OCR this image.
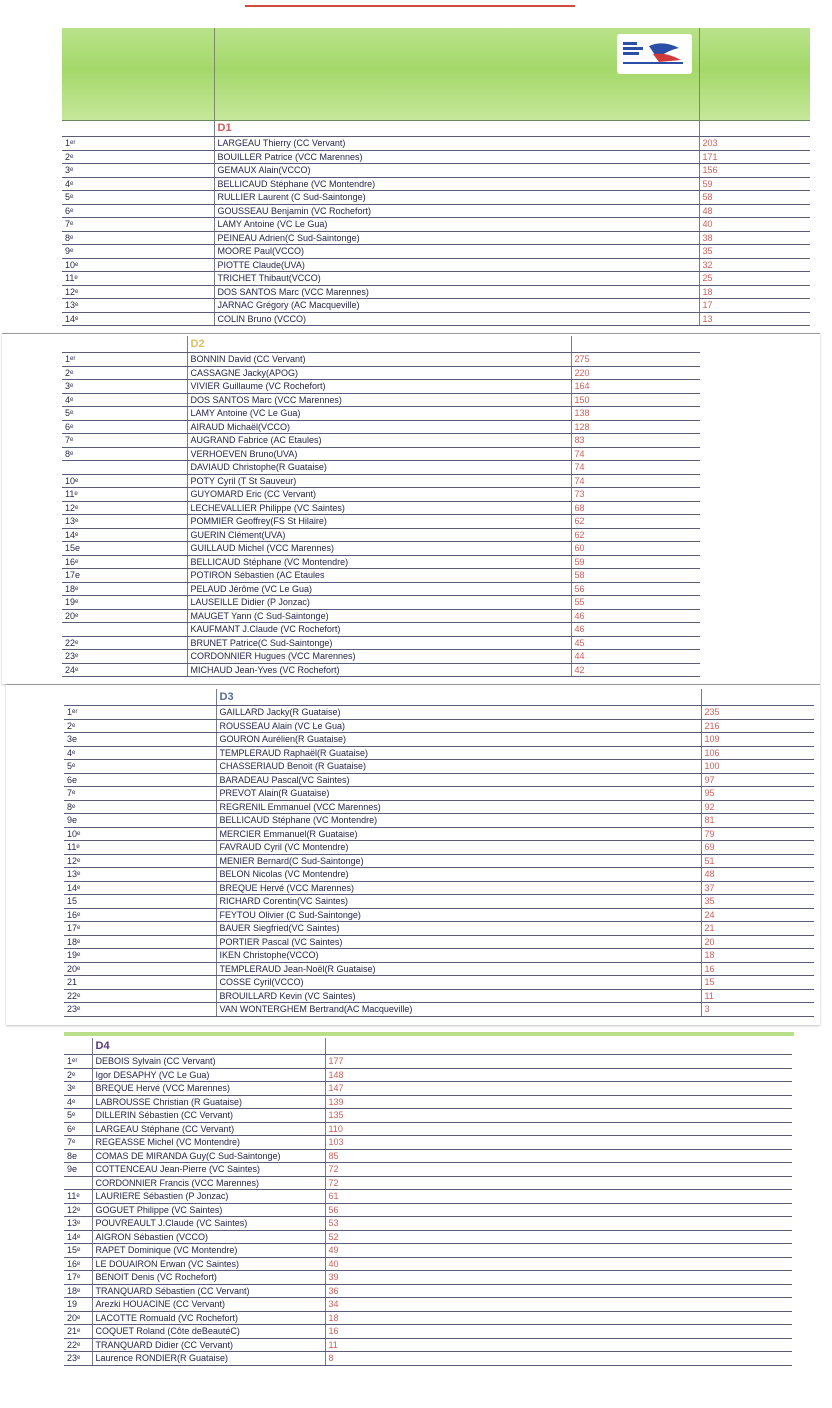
	D1	
1ᵉʳ	LARGEAU Thierry (CC Vervant)	203
2ᵉ	BOUILLER Patrice (VCC Marennes)	171
3ᵉ	GEMAUX Alain(VCCO)	156
4ᵉ	BELLICAUD Stéphane (VC Montendre)	59
5ᵉ	RULLIER Laurent (C Sud-Saintonge)	58
6ᵉ	GOUSSEAU Benjamin (VC Rochefort)	48
7ᵉ	LAMY Antoine (VC Le Gua)	40
8ᵉ	PEINEAU Adrien(C Sud-Saintonge)	38
9ᵉ	MOORE Paul(VCCO)	35
10ᵉ	PIOTTE Claude(UVA)	32
11ᵉ	TRICHET Thibaut(VCCO)	25
12ᵉ	DOS SANTOS Marc (VCC Marennes)	18
13ᵉ	JARNAC Grégory (AC Macqueville)	17
14ᵉ	COLIN Bruno (VCCO)	13
	D2	
1ᵉʳ	BONNIN David (CC Vervant)	275
2ᵉ	CASSAGNE Jacky(APOG)	220
3ᵉ	VIVIER Guillaume (VC Rochefort)	164
4ᵉ	DOS SANTOS Marc (VCC Marennes)	150
5ᵉ	LAMY Antoine (VC Le Gua)	138
6ᵉ	AIRAUD Michaël(VCCO)	128
7ᵉ	AUGRAND Fabrice (AC Etaules)	83
8ᵉ	VERHOEVEN Bruno(UVA)	74
	DAVIAUD Christophe(R Guataise)	74
10ᵉ	POTY Cyril (T St Sauveur)	74
11ᵉ	GUYOMARD Eric (CC Vervant)	73
12ᵉ	LECHEVALLIER Philippe (VC Saintes)	68
13ᵉ	POMMIER Geoffrey(FS St Hilaire)	62
14ᵉ	GUERIN Clément(UVA)	62
15e	GUILLAUD Michel (VCC Marennes)	60
16ᵉ	BELLICAUD Stéphane (VC Montendre)	59
17e	POTIRON Sébastien (AC Etaules	58
18ᵉ	PELAUD Jérôme (VC Le Gua)	56
19ᵉ	LAUSEILLE Didier (P Jonzac)	55
20ᵉ	MAUGET Yann (C Sud-Saintonge)	46
	KAUFMANT J.Claude (VC Rochefort)	46
22ᵉ	BRUNET Patrice(C Sud-Saintonge)	45
23ᵉ	CORDONNIER Hugues (VCC Marennes)	44
24ᵉ	MICHAUD Jean-Yves (VC Rochefort)	42
	D3	
1ᵉʳ	GAILLARD Jacky(R Guataise)	235
2ᵉ	ROUSSEAU Alain (VC Le Gua)	216
3e	GOURON Aurélien(R Guataise)	109
4ᵉ	TEMPLERAUD Raphaël(R Guataise)	106
5ᵉ	CHASSERIAUD Benoit (R Guataise)	100
6e	BARADEAU Pascal(VC Saintes)	97
7ᵉ	PREVOT Alain(R Guataise)	95
8ᵉ	REGRENIL Emmanuel (VCC Marennes)	92
9e	BELLICAUD Stéphane (VC Montendre)	81
10ᵉ	MERCIER Emmanuel(R Guataise)	79
11ᵉ	FAVRAUD Cyril (VC Montendre)	69
12ᵉ	MENIER Bernard(C Sud-Saintonge)	51
13ᵉ	BELON Nicolas (VC Montendre)	48
14ᵉ	BREQUE Hervé (VCC Marennes)	37
15	RICHARD Corentin(VC Saintes)	35
16ᵉ	FEYTOU Olivier (C Sud-Saintonge)	24
17ᵉ	BAUER Siegfried(VC Saintes)	21
18ᵉ	PORTIER Pascal (VC Saintes)	20
19ᵉ	IKEN Christophe(VCCO)	18
20ᵉ	TEMPLERAUD Jean-Noël(R Guataise)	16
21	COSSE Cyril(VCCO)	15
22ᵉ	BROUILLARD Kevin (VC Saintes)	11
23ᵉ	VAN WONTERGHEM Bertrand(AC Macqueville)	3
	D4	
1ᵉʳ	DEBOIS Sylvain (CC Vervant)	177
2ᵉ	Igor DESAPHY (VC Le Gua)	148
3ᵉ	BREQUE Hervé (VCC Marennes)	147
4ᵉ	LABROUSSE Christian (R Guataise)	139
5ᵉ	DILLERIN Sébastien (CC Vervant)	135
6ᵉ	LARGEAU Stéphane (CC Vervant)	110
7ᵉ	REGEASSE Michel (VC Montendre)	103
8e	COMAS DE MIRANDA Guy(C Sud-Saintonge)	85
9e	COTTENCEAU Jean-Pierre (VC Saintes)	72
	CORDONNIER Francis (VCC Marennes)	72
11ᵉ	LAURIERE Sébastien (P Jonzac)	61
12ᵉ	GOGUET Philippe (VC Saintes)	56
13ᵉ	POUVREAULT J.Claude (VC Saintes)	53
14ᵉ	AIGRON Sébastien (VCCO)	52
15ᵉ	RAPET Dominique (VC Montendre)	49
16ᵉ	LE DOUAIRON Erwan (VC Saintes)	40
17ᵉ	BENOIT Denis (VC Rochefort)	39
18ᵉ	TRANQUARD Sébastien (CC Vervant)	36
19	Arezki HOUACINE (CC Vervant)	34
20ᵉ	LACOTTE Romuald (VC Rochefort)	18
21ᵉ	COQUET Roland (Côte deBeautéC)	16
22ᵉ	TRANQUARD Didier (CC Vervant)	11
23ᵉ	Laurence RONDIER(R Guataise)	8
